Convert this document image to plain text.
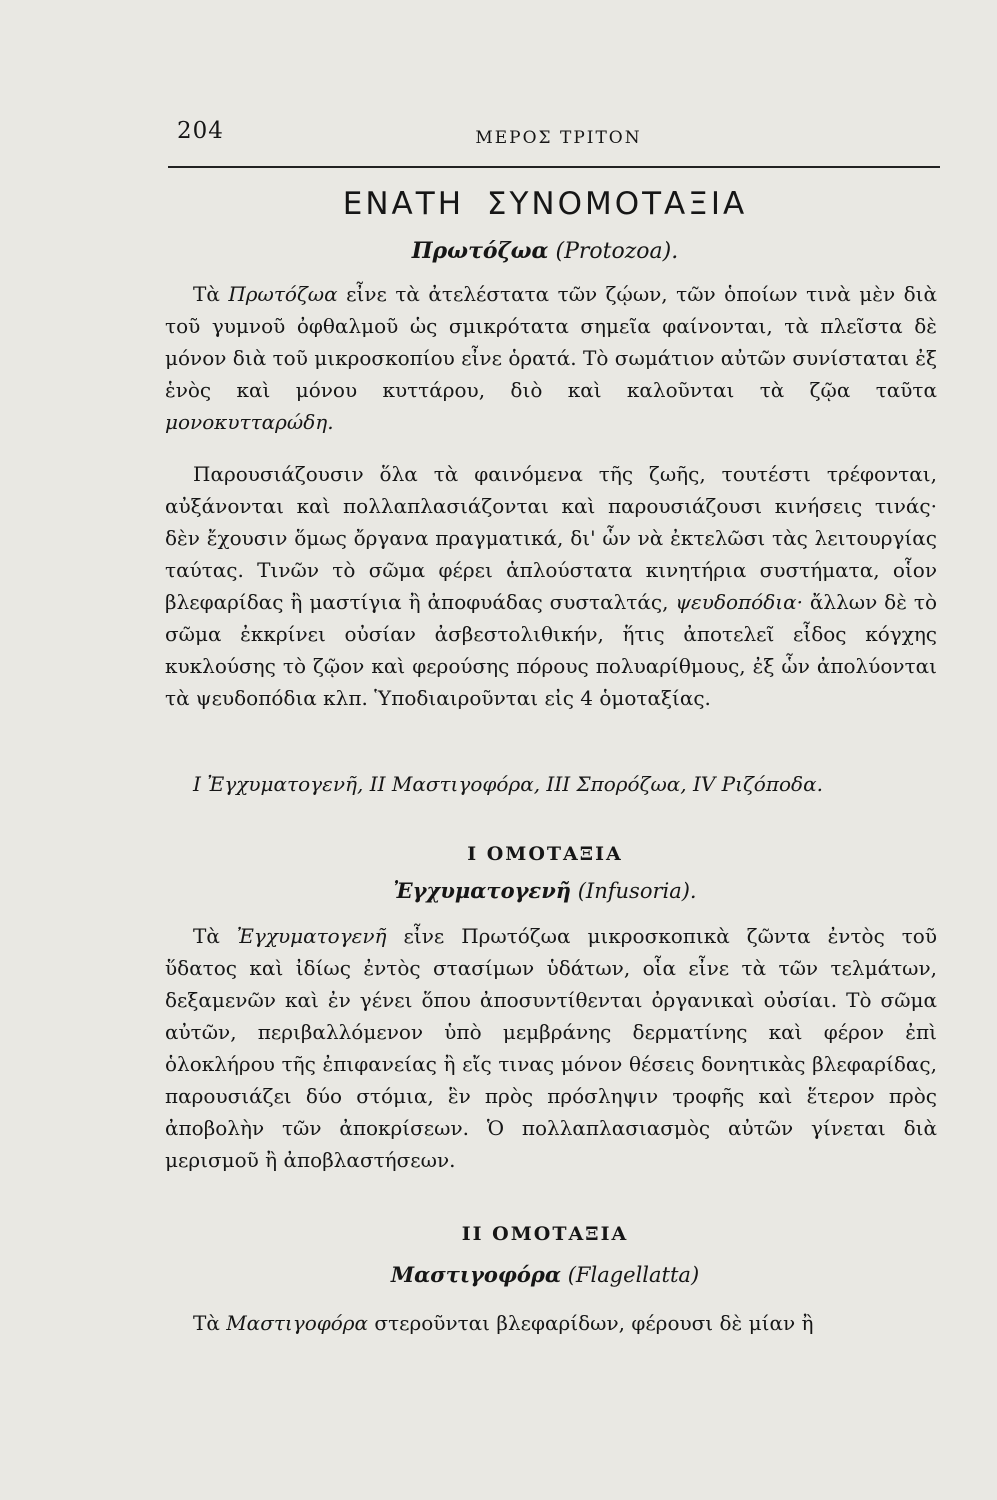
204	ΜΕΡΟΣ ΤΡΙΤΟΝ
ΕΝΑΤΗ ΣΥΝΟΜΟΤΑΞΙΑ
Πρωτόζωα (Protozoa).

Τὰ Πρωτόζωα εἶνε τὰ ἀτελέστατα τῶν ζῴων, τῶν ὁποίων τινὰ μὲν διὰ τοῦ γυμνοῦ ὀφθαλμοῦ ὡς σμικρότατα σημεῖα φαίνονται, τὰ πλεῖστα δὲ μόνον διὰ τοῦ μικροσκοπίου εἶνε ὁρατά. Τὸ σωμάτιον αὐτῶν συνίσταται ἐξ ἑνὸς καὶ μόνου κυττάρου, διὸ καὶ καλοῦνται τὰ ζῷα ταῦτα μονοκυτταρώδη.

Παρουσιάζουσιν ὅλα τὰ φαινόμενα τῆς ζωῆς, τουτέστι τρέφονται, αὐξάνονται καὶ πολλαπλασιάζονται καὶ παρουσιάζουσι κινήσεις τινάς· δὲν ἔχουσιν ὅμως ὄργανα πραγματικά, δι' ὧν νὰ ἐκτελῶσι τὰς λειτουργίας ταύτας. Τινῶν τὸ σῶμα φέρει ἁπλούστατα κινητήρια συστήματα, οἷον βλεφαρίδας ἢ μαστίγια ἢ ἀποφυάδας συσταλτάς, ψευδοπόδια· ἄλλων δὲ τὸ σῶμα ἐκκρίνει οὐσίαν ἀσβεστολιθικήν, ἥτις ἀποτελεῖ εἶδος κόγχης κυκλούσης τὸ ζῷον καὶ φερούσης πόρους πολυαρίθμους, ἐξ ὧν ἀπολύονται τὰ ψευδοπόδια κλπ. Ὑποδιαιροῦνται εἰς 4 ὁμοταξίας.

I Ἐγχυματογενῆ, II Μαστιγοφόρα, III Σπορόζωα, IV Ριζόποδα.

I ΟΜΟΤΑΞΙΑ
Ἐγχυματογενῆ (Infusoria).

Τὰ Ἐγχυματογενῆ εἶνε Πρωτόζωα μικροσκοπικὰ ζῶντα ἐντὸς τοῦ ὕδατος καὶ ἰδίως ἐντὸς στασίμων ὑδάτων, οἷα εἶνε τὰ τῶν τελμάτων, δεξαμενῶν καὶ ἐν γένει ὅπου ἀποσυντίθενται ὀργανικαὶ οὐσίαι. Τὸ σῶμα αὐτῶν, περιβαλλόμενον ὑπὸ μεμβράνης δερματίνης καὶ φέρον ἐπὶ ὁλοκλήρου τῆς ἐπιφανείας ἢ εἴς τινας μόνον θέσεις δονητικὰς βλεφαρίδας, παρουσιάζει δύο στόμια, ἓν πρὸς πρόσληψιν τροφῆς καὶ ἕτερον πρὸς ἀποβολὴν τῶν ἀποκρίσεων. Ὁ πολλαπλασιασμὸς αὐτῶν γίνεται διὰ μερισμοῦ ἢ ἀποβλαστήσεων.

II ΟΜΟΤΑΞΙΑ
Μαστιγοφόρα (Flagellatta)

Τὰ Μαστιγοφόρα στεροῦνται βλεφαρίδων, φέρουσι δὲ μίαν ἢ
